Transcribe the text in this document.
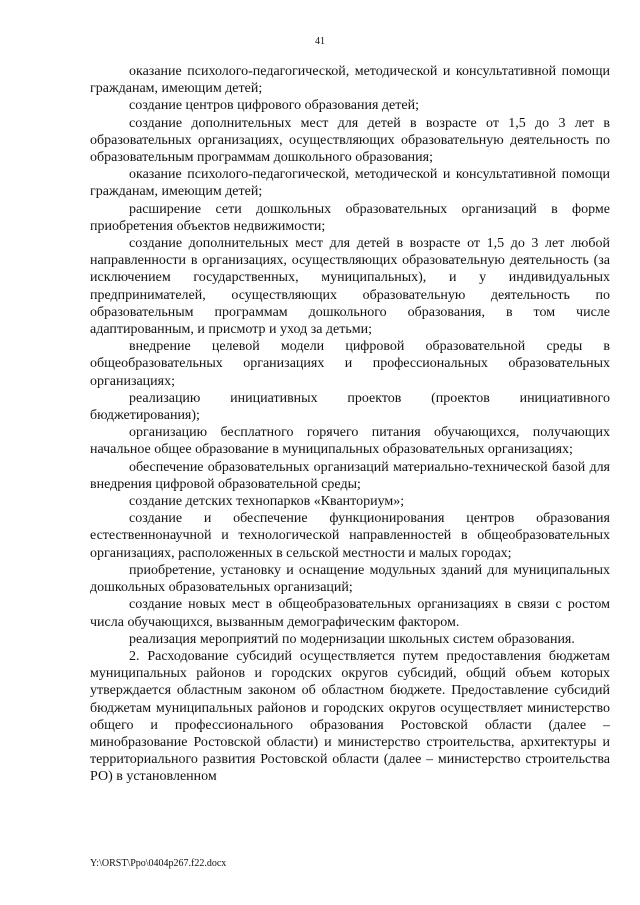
41

оказание психолого-педагогической, методической и консультативной помощи гражданам, имеющим детей;

создание центров цифрового образования детей;

создание дополнительных мест для детей в возрасте от 1,5 до 3 лет в образовательных организациях, осуществляющих образовательную деятельность по образовательным программам дошкольного образования;

оказание психолого-педагогической, методической и консультативной помощи гражданам, имеющим детей;

расширение сети дошкольных образовательных организаций в форме приобретения объектов недвижимости;

создание дополнительных мест для детей в возрасте от 1,5 до 3 лет любой направленности в организациях, осуществляющих образовательную деятельность (за исключением государственных, муниципальных), и у индивидуальных предпринимателей, осуществляющих образовательную деятельность по образовательным программам дошкольного образования, в том числе адаптированным, и присмотр и уход за детьми;

внедрение целевой модели цифровой образовательной среды в общеобразовательных организациях и профессиональных образовательных организациях;

реализацию инициативных проектов (проектов инициативного бюджетирования);

организацию бесплатного горячего питания обучающихся, получающих начальное общее образование в муниципальных образовательных организациях;

обеспечение образовательных организаций материально-технической базой для внедрения цифровой образовательной среды;

создание детских технопарков «Кванториум»;

создание и обеспечение функционирования центров образования естественнонаучной и технологической направленностей в общеобразовательных организациях, расположенных в сельской местности и малых городах;

приобретение, установку и оснащение модульных зданий для муниципальных дошкольных образовательных организаций;

создание новых мест в общеобразовательных организациях в связи с ростом числа обучающихся, вызванным демографическим фактором.

реализация мероприятий по модернизации школьных систем образования.

2. Расходование субсидий осуществляется путем предоставления бюджетам муниципальных районов и городских округов субсидий, общий объем которых утверждается областным законом об областном бюджете. Предоставление субсидий бюджетам муниципальных районов и городских округов осуществляет министерство общего и профессионального образования Ростовской области (далее – минобразование Ростовской области) и министерство строительства, архитектуры и территориального развития Ростовской области (далее – министерство строительства РО) в установленном

Y:\ORST\Ppo\0404p267.f22.docx
